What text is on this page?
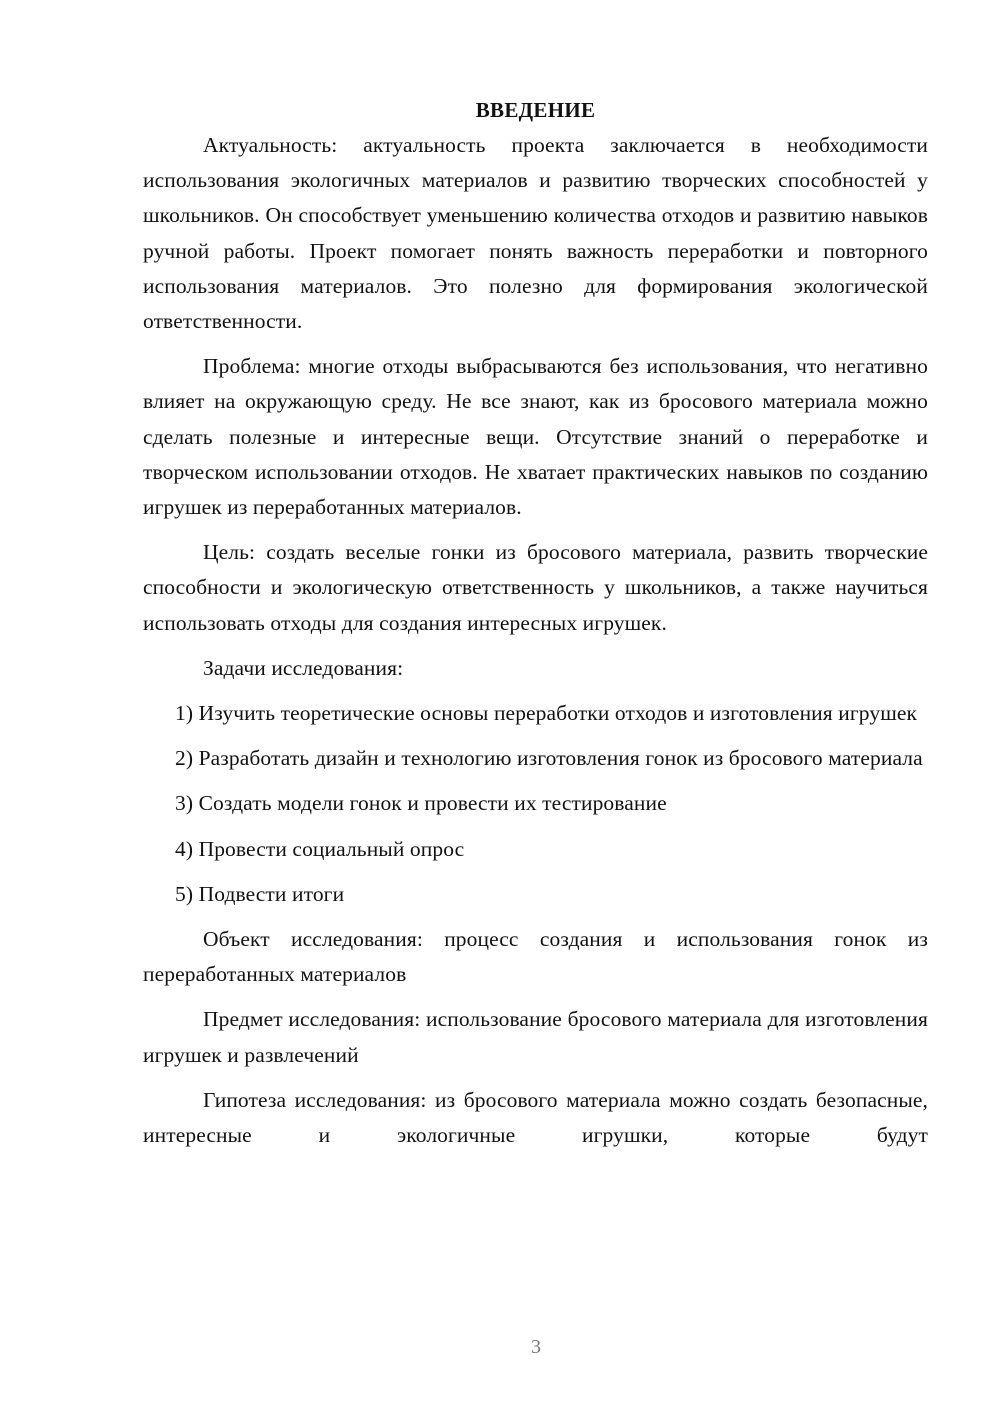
ВВЕДЕНИЕ

Актуальность: актуальность проекта заключается в необходимости использования экологичных материалов и развитию творческих способностей у школьников. Он способствует уменьшению количества отходов и развитию навыков ручной работы. Проект помогает понять важность переработки и повторного использования материалов. Это полезно для формирования экологической ответственности.

Проблема: многие отходы выбрасываются без использования, что негативно влияет на окружающую среду. Не все знают, как из бросового материала можно сделать полезные и интересные вещи. Отсутствие знаний о переработке и творческом использовании отходов. Не хватает практических навыков по созданию игрушек из переработанных материалов.

Цель: создать веселые гонки из бросового материала, развить творческие способности и экологическую ответственность у школьников, а также научиться использовать отходы для создания интересных игрушек.

Задачи исследования:

1) Изучить теоретические основы переработки отходов и изготовления игрушек

2) Разработать дизайн и технологию изготовления гонок из бросового материала

3) Создать модели гонок и провести их тестирование

4) Провести социальный опрос

5) Подвести итоги

Объект исследования: процесс создания и использования гонок из переработанных материалов

Предмет исследования: использование бросового материала для изготовления игрушек и развлечений

Гипотеза исследования: из бросового материала можно создать безопасные, интересные и экологичные игрушки, которые будут

3
